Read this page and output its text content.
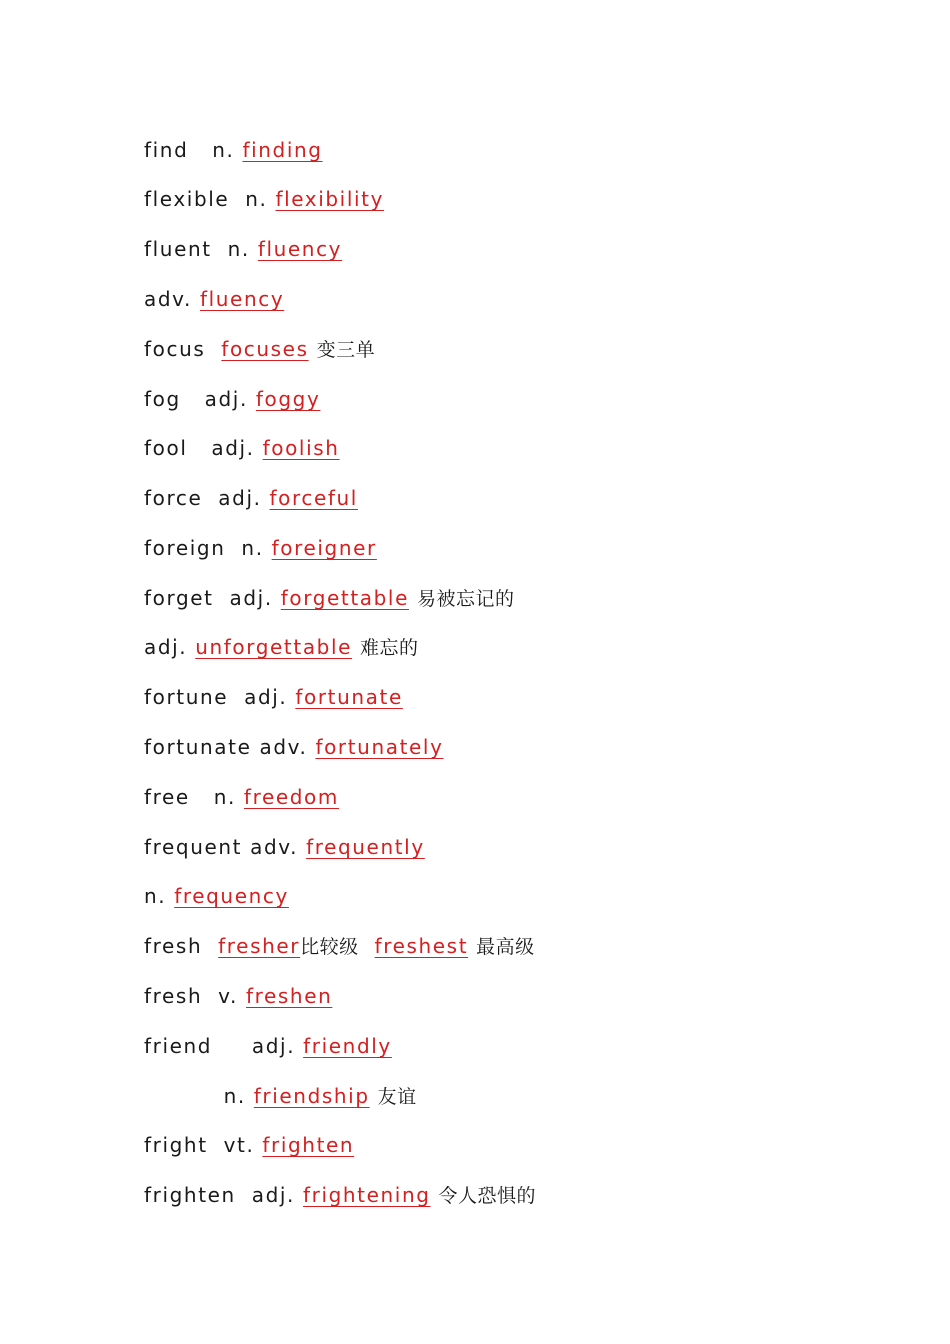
find n. finding
flexible n. flexibility
fluent n. fluency
adv. fluency
focus focuses 变三单
fog adj. foggy
fool adj. foolish
force adj. forceful
foreign n. foreigner
forget adj. forgettable 易被忘记的
adj. unforgettable 难忘的
fortune adj. fortunate
fortunate adv. fortunately
free n. freedom
frequent adv. frequently
n. frequency
fresh fresher比较级 freshest 最高级
fresh v. freshen
friend adj. friendly
n. friendship 友谊
fright vt. frighten
frighten adj. frightening 令人恐惧的
